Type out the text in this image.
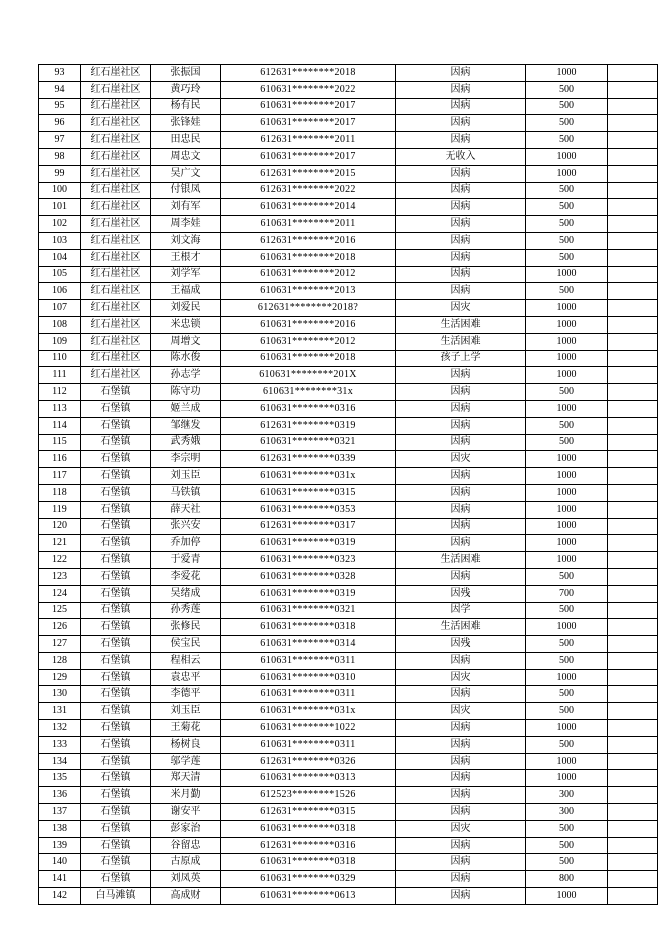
93	红石崖社区	张振国	612631********2018	因病	1000	
94	红石崖社区	黄巧玲	610631********2022	因病	500	
95	红石崖社区	杨有民	610631********2017	因病	500	
96	红石崖社区	张锋娃	610631********2017	因病	500	
97	红石崖社区	田忠民	612631********2011	因病	500	
98	红石崖社区	周忠文	610631********2017	无收入	1000	
99	红石崖社区	吴广文	612631********2015	因病	1000	
100	红石崖社区	付银凤	612631********2022	因病	500	
101	红石崖社区	刘有军	610631********2014	因病	500	
102	红石崖社区	周李娃	610631********2011	因病	500	
103	红石崖社区	刘文海	612631********2016	因病	500	
104	红石崖社区	王根才	610631********2018	因病	500	
105	红石崖社区	刘学军	610631********2012	因病	1000	
106	红石崖社区	王福成	610631********2013	因病	500	
107	红石崖社区	刘爱民	612631********2018?	因灾	1000	
108	红石崖社区	米忠锁	610631********2016	生活困难	1000	
109	红石崖社区	周增文	610631********2012	生活困难	1000	
110	红石崖社区	陈水俊	610631********2018	孩子上学	1000	
111	红石崖社区	孙志学	610631********201X	因病	1000	
112	石堡镇	陈守功	610631********31x	因病	500	
113	石堡镇	姬兰成	610631********0316	因病	1000	
114	石堡镇	邹继发	612631********0319	因病	500	
115	石堡镇	武秀娥	610631********0321	因病	500	
116	石堡镇	李宗明	612631********0339	因灾	1000	
117	石堡镇	刘玉臣	610631********031x	因病	1000	
118	石堡镇	马铁镇	610631********0315	因病	1000	
119	石堡镇	薛天社	610631********0353	因病	1000	
120	石堡镇	张兴安	612631********0317	因病	1000	
121	石堡镇	乔加停	610631********0319	因病	1000	
122	石堡镇	于爱青	610631********0323	生活困难	1000	
123	石堡镇	李爱花	610631********0328	因病	500	
124	石堡镇	吴绪成	610631********0319	因残	700	
125	石堡镇	孙秀莲	610631********0321	因学	500	
126	石堡镇	张修民	610631********0318	生活困难	1000	
127	石堡镇	侯宝民	610631********0314	因残	500	
128	石堡镇	程相云	610631********0311	因病	500	
129	石堡镇	袁忠平	610631********0310	因灾	1000	
130	石堡镇	李德平	610631********0311	因病	500	
131	石堡镇	刘玉臣	610631********031x	因灾	500	
132	石堡镇	王菊花	610631********1022	因病	1000	
133	石堡镇	杨树良	610631********0311	因病	500	
134	石堡镇	邬学莲	612631********0326	因病	1000	
135	石堡镇	郑天清	610631********0313	因病	1000	
136	石堡镇	米月勤	612523********1526	因病	300	
137	石堡镇	谢安平	612631********0315	因病	300	
138	石堡镇	彭家治	610631********0318	因灾	500	
139	石堡镇	谷留忠	612631********0316	因病	500	
140	石堡镇	古原成	610631********0318	因病	500	
141	石堡镇	刘凤英	610631********0329	因病	800	
142	白马滩镇	高成财	610631********0613	因病	1000	
